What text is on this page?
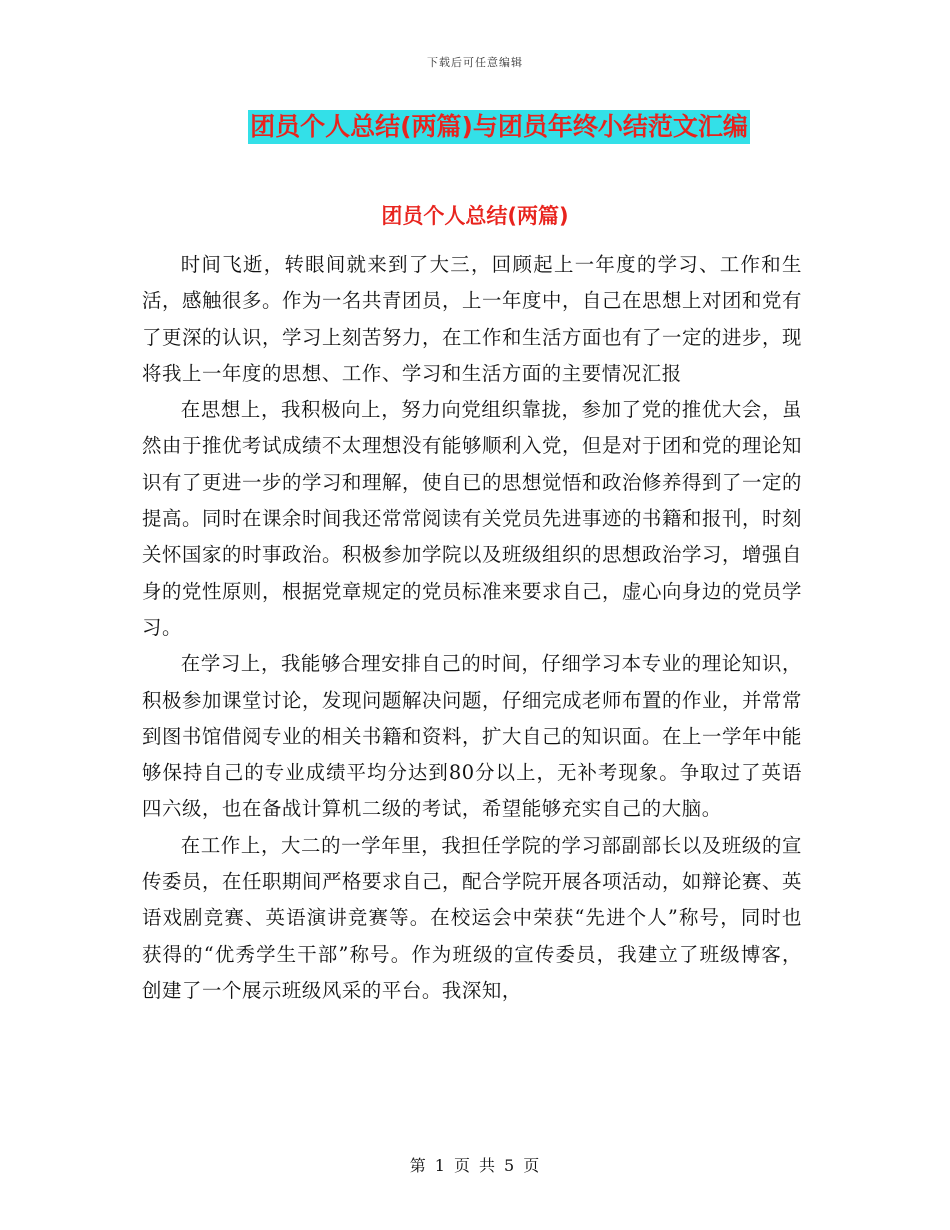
下载后可任意编辑
团员个人总结(两篇)与团员年终小结范文汇编
团员个人总结(两篇)

时间飞逝，转眼间就来到了大三，回顾起上一年度的学习、工作和生活，感触很多。作为一名共青团员，上一年度中，自己在思想上对团和党有了更深的认识，学习上刻苦努力，在工作和生活方面也有了一定的进步，现将我上一年度的思想、工作、学习和生活方面的主要情况汇报

在思想上，我积极向上，努力向党组织靠拢，参加了党的推优大会，虽然由于推优考试成绩不太理想没有能够顺利入党，但是对于团和党的理论知识有了更进一步的学习和理解，使自已的思想觉悟和政治修养得到了一定的提高。同时在课余时间我还常常阅读有关党员先进事迹的书籍和报刊，时刻关怀国家的时事政治。积极参加学院以及班级组织的思想政治学习，增强自身的党性原则，根据党章规定的党员标准来要求自己，虚心向身边的党员学习。

在学习上，我能够合理安排自己的时间，仔细学习本专业的理论知识，积极参加课堂讨论，发现问题解决问题，仔细完成老师布置的作业，并常常到图书馆借阅专业的相关书籍和资料，扩大自己的知识面。在上一学年中能够保持自己的专业成绩平均分达到80分以上，无补考现象。争取过了英语四六级，也在备战计算机二级的考试，希望能够充实自己的大脑。

在工作上，大二的一学年里，我担任学院的学习部副部长以及班级的宣传委员，在任职期间严格要求自己，配合学院开展各项活动，如辩论赛、英语戏剧竞赛、英语演讲竞赛等。在校运会中荣获“先进个人”称号，同时也获得的“优秀学生干部”称号。作为班级的宣传委员，我建立了班级博客，创建了一个展示班级风采的平台。我深知，

第 1 页 共 5 页
